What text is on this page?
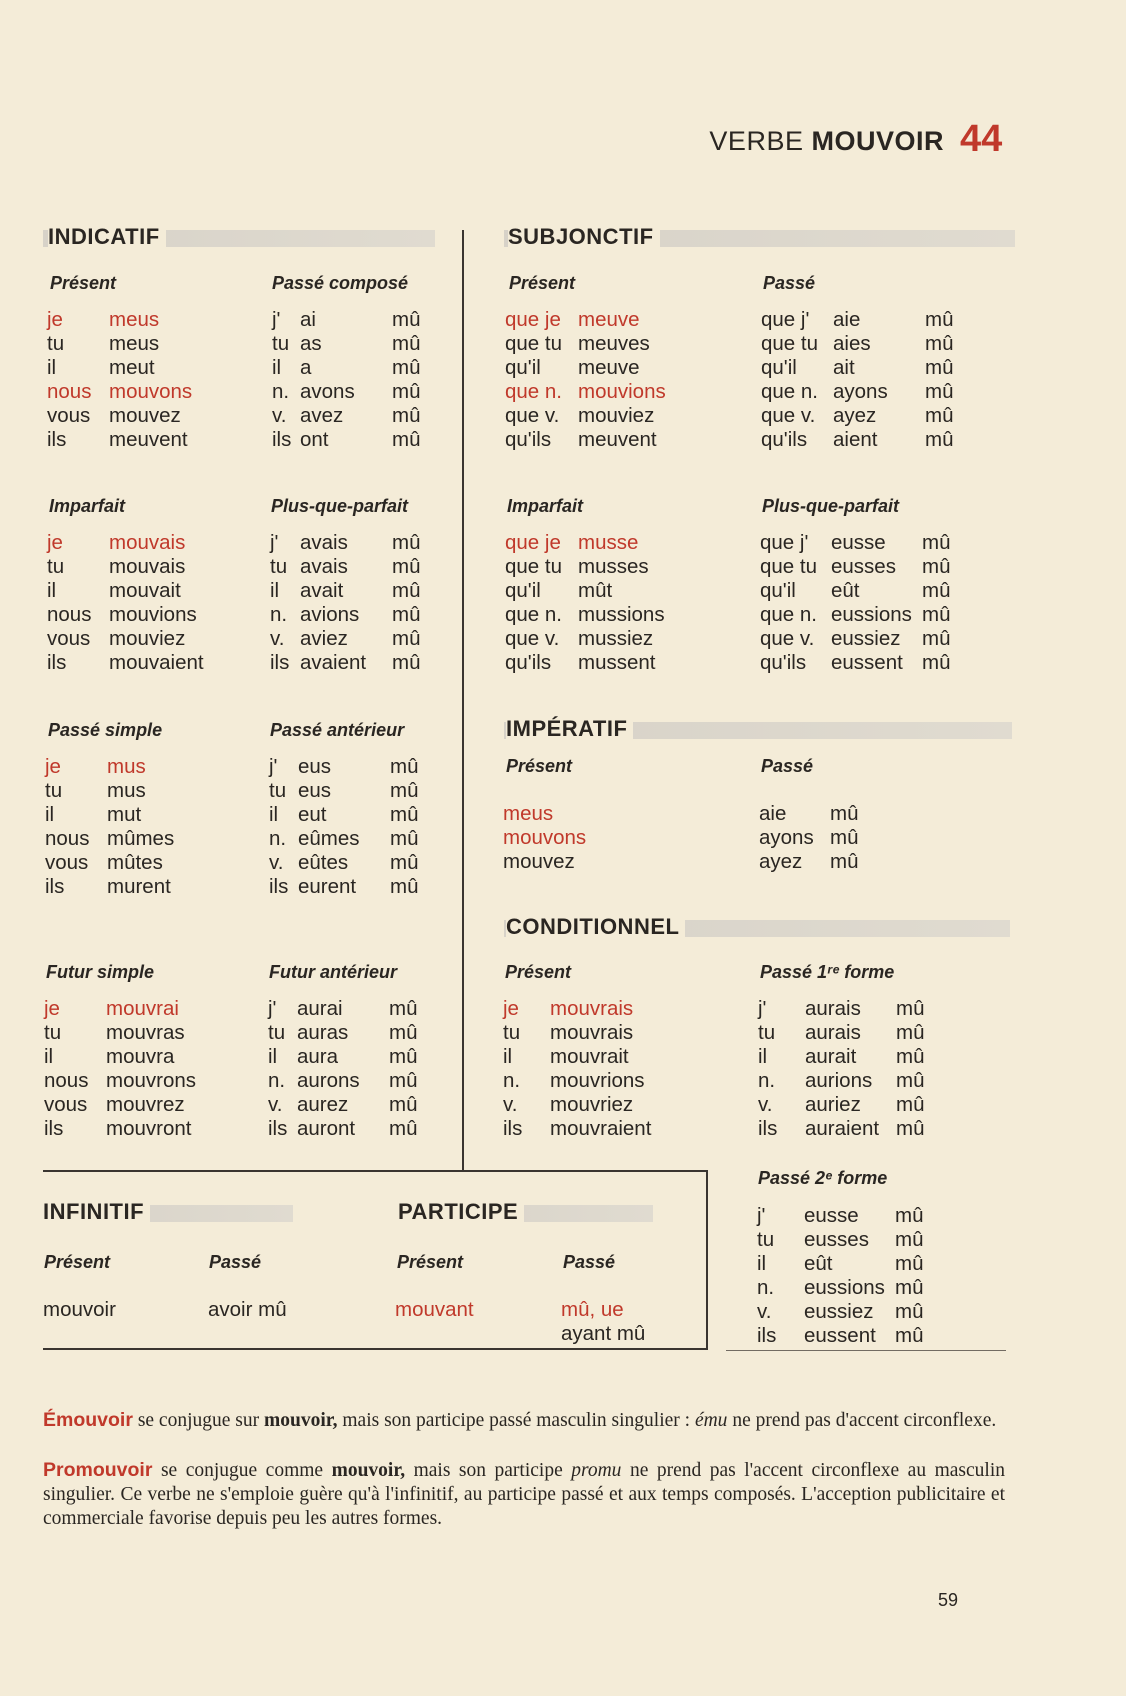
VERBE MOUVOIR 44
INDICATIF	SUBJONCTIF
IMPÉRATIF
CONDITIONNEL
INFINITIF	PARTICIPE
Présent	Passé composé
je meus
tu meus
il	meut
nous mouvons
vous mouvez
ils meuvent
j' ai	mû
tu as	mû
il a	mû
n. avons mû
v. avez mû
ils ont	mû
Imparfait	Plus-que-parfait
je mouvais
tu mouvais
il	mouvait
nous mouvions
vous mouviez
ils mouvaient
j' avais mû
tu avais mû
il avait mû
n. avions mû
v. aviez mû
ils avaient mû
Passé simple	Passé antérieur
je mus
tu mus
il	mut
nous mûmes
vous mûtes
ils murent
j' eus	mû
tu eus	mû
il eut	mû
n. eûmes mû
v. eûtes mû
ils eurent mû
Futur simple	Futur antérieur
je mouvrai
tu mouvras
il	mouvra
nous mouvrons
vous mouvrez
ils mouvront
j' aurai mû
tu auras mû
il aura mû
n. aurons mû
v. aurez mû
ils auront mû
Présent	Passé
que je meuve
que tu meuves
qu'il meuve
que n. mouvions
que v. mouviez
qu'ils meuvent
que j' aie	mû
que tu aies	mû
qu'il ait	mû
que n. ayons mû
que v. ayez mû
qu'ils aient mû
Imparfait	Plus-que-parfait
que je musse
que tu musses
qu'il mût
que n. mussions
que v. mussiez
qu'ils mussent
que j' eusse mû
que tu eusses mû
qu'il eût	mû
que n. eussions mû
que v. eussiez mû
qu'ils eussent mû
Présent	Passé
meus
mouvons
mouvez
aie mû
ayons mû
ayez mû
Présent	Passé 1ʳᵉ forme
je mouvrais
tu mouvrais
il mouvrait
n. mouvrions
v. mouvriez
ils mouvraient
j' aurais mû
tu aurais mû
il aurait mû
n. aurions mû
v. auriez mû
ils auraient mû
Passé 2ᵉ forme
j' eusse mû
tu eusses mû
il eût	mû
n. eussions mû
v. eussiez mû
ils eussent mû
Présent	Passé	Présent	Passé
mouvoir	avoir mû	mouvant	mû, ue
ayant mû
Émouvoir se conjugue sur mouvoir, mais son participe passé masculin singulier : ému ne prend pas d'accent circonflexe.
Promouvoir se conjugue comme mouvoir, mais son participe promu ne prend pas l'accent circonflexe au masculin singulier. Ce verbe ne s'emploie guère qu'à l'infinitif, au participe passé et aux temps composés. L'acception publicitaire et commerciale favorise depuis peu les autres formes.
59
